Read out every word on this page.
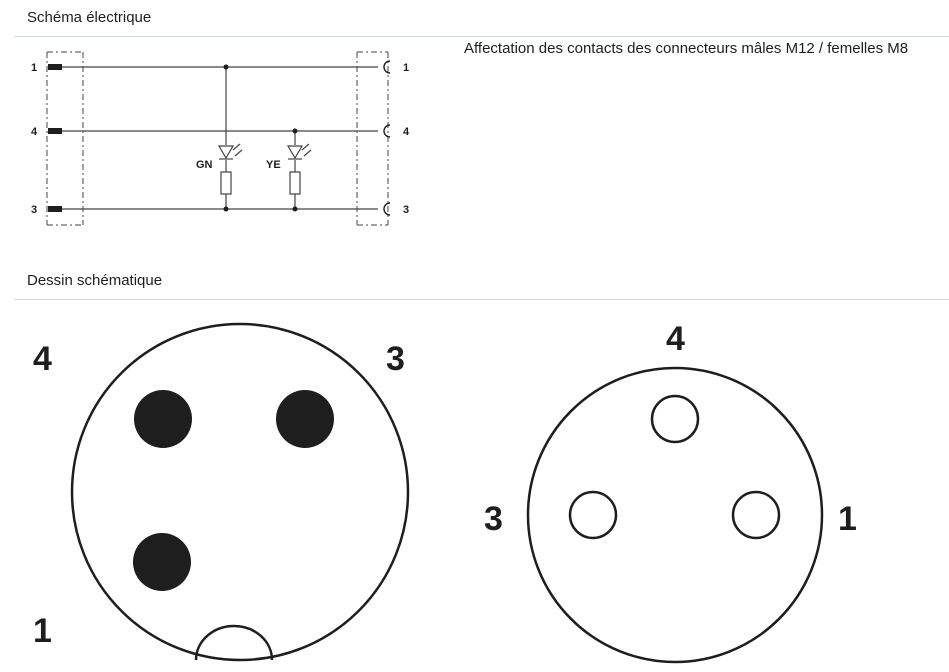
Schéma électrique
1
4
3
GN	YE
1
4
3
Affectation des contacts des connecteurs mâles M12 / femelles M8
Dessin schématique
4	3
1
4
3	1
